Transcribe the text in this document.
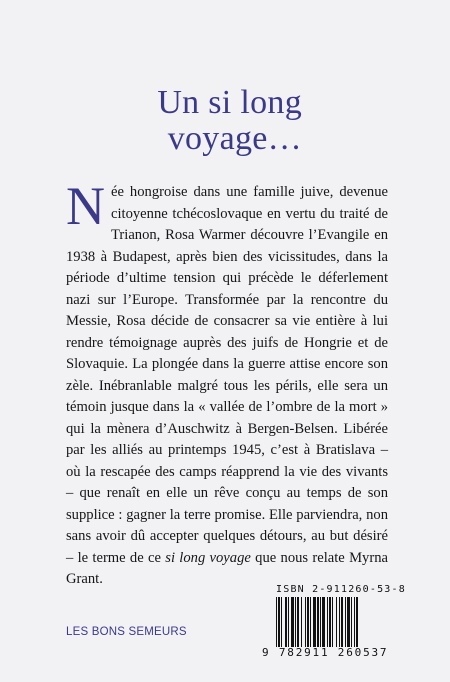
Un si long
voyage…

Née hongroise dans une famille juive, devenue citoyenne tchécoslovaque en vertu du traité de Trianon, Rosa Warmer découvre l’Evangile en 1938 à Budapest, après bien des vicissitudes, dans la période d’ultime tension qui précède le déferlement nazi sur l’Europe. Transformée par la rencontre du Messie, Rosa décide de consacrer sa vie entière à lui rendre témoignage auprès des juifs de Hongrie et de Slovaquie. La plongée dans la guerre attise encore son zèle. Inébranlable malgré tous les périls, elle sera un témoin jusque dans la « vallée de l’ombre de la mort » qui la mènera d’Auschwitz à Bergen-Belsen. Libérée par les alliés au printemps 1945, c’est à Bratislava – où la rescapée des camps réapprend la vie des vivants – que renaît en elle un rêve conçu au temps de son supplice : gagner la terre promise. Elle parviendra, non sans avoir dû accepter quelques détours, au but désiré – le terme de ce si long voyage que nous relate Myrna Grant.

LES BONS SEMEURS
ISBN 2-911260-53-8
9 782911 260537
